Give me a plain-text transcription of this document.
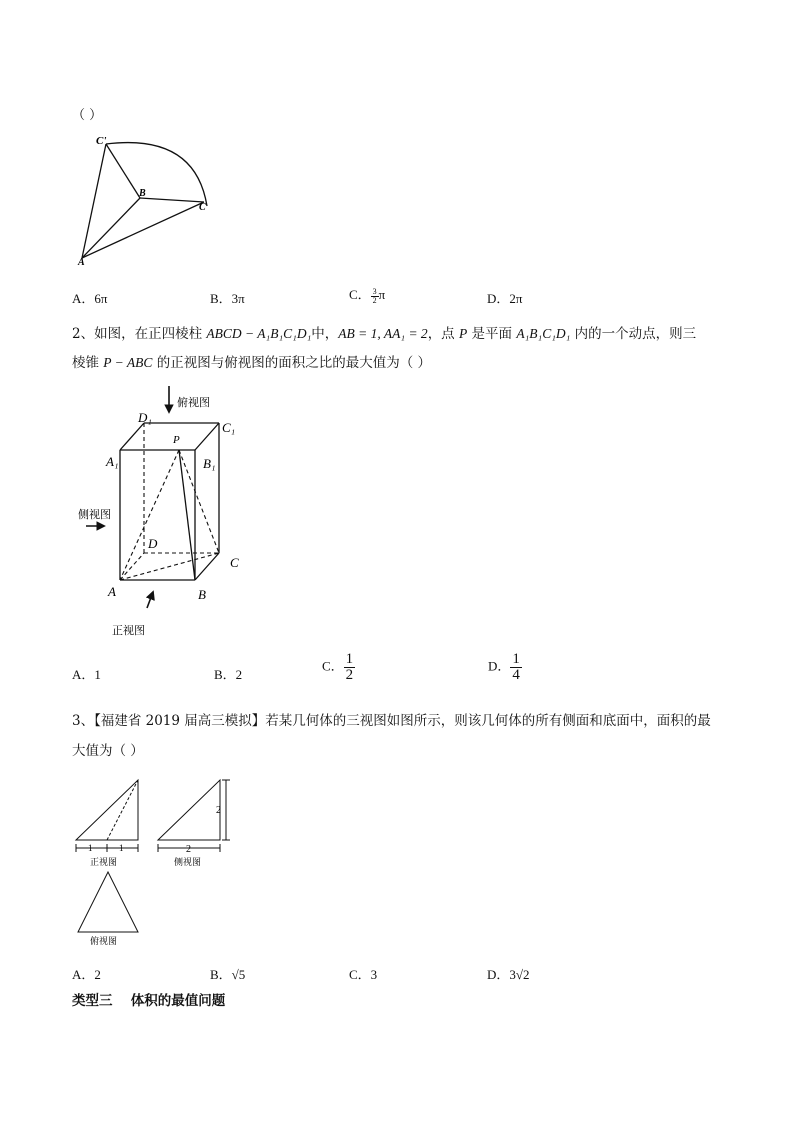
（ ）
C'
B
C
A
A．6π	B．3π	C． $\frac{3}{2}$ π	D．2π
2、如图，在正四棱柱 ABCD − A₁B₁C₁D₁中，AB = 1, AA₁ = 2，点 P 是平面 A₁B₁C₁D₁ 内的一个动点，则三
棱锥 P − ABC 的正视图与俯视图的面积之比的最大值为（ ）
俯视图
侧视图
正视图
D₁
C₁
A₁	B₁
P
D
C
A	B
A．1	B．2
C． $\frac{1}{2}$	D． $\frac{1}{4}$
3、【福建省 2019 届高三模拟】若某几何体的三视图如图所示，则该几何体的所有侧面和底面中，面积的最
大值为（ ）
1	1	2
2
正视图	侧视图
俯视图
A．2	B．√5	C．3	D．3√2
类型三　 体积的最值问题
